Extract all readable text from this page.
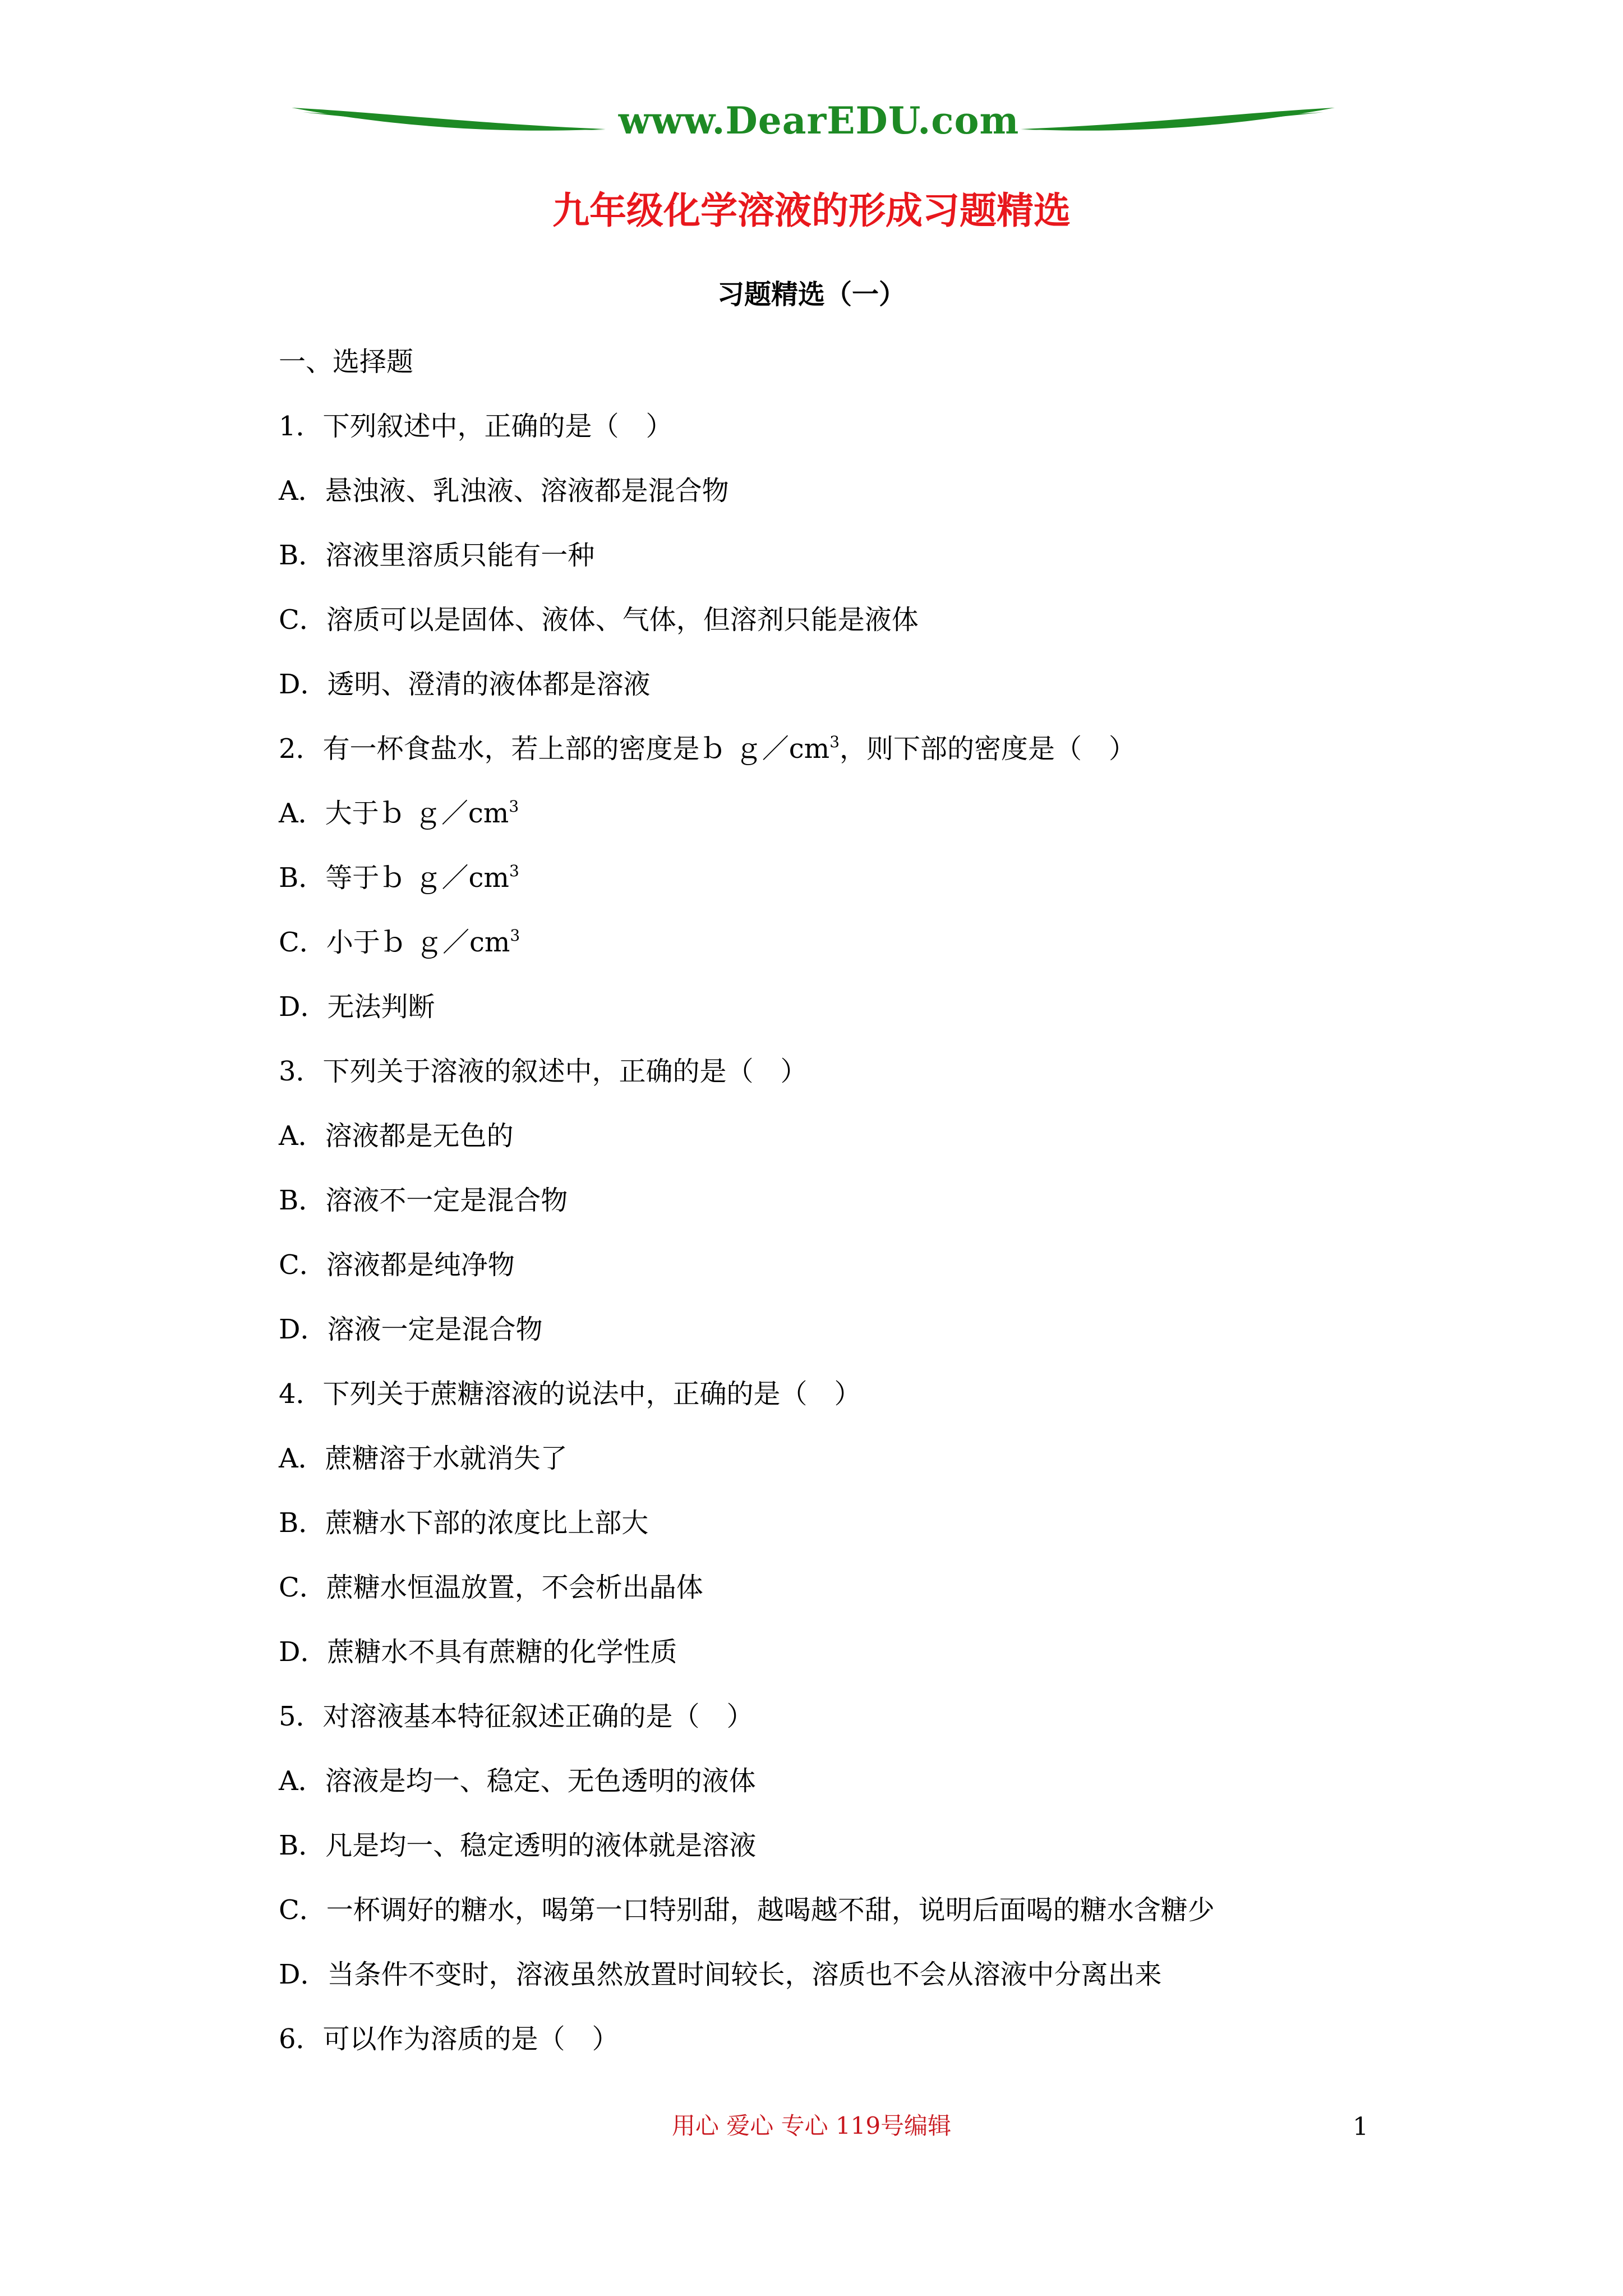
www.DearEDU.com
九年级化学溶液的形成习题精选
习题精选（一）
一、选择题
1．下列叙述中，正确的是（　）
A．悬浊液、乳浊液、溶液都是混合物
B．溶液里溶质只能有一种
C．溶质可以是固体、液体、气体，但溶剂只能是液体
D．透明、澄清的液体都是溶液
2．有一杯食盐水，若上部的密度是ｂ $g/cm^3$，则下部的密度是（　）
A．大于ｂ $g/cm^3$
B．等于ｂ $g/cm^3$
C．小于ｂ $g/cm^3$
D．无法判断
3．下列关于溶液的叙述中，正确的是（　）
A．溶液都是无色的
B．溶液不一定是混合物
C．溶液都是纯净物
D．溶液一定是混合物
4．下列关于蔗糖溶液的说法中，正确的是（　）
A．蔗糖溶于水就消失了
B．蔗糖水下部的浓度比上部大
C．蔗糖水恒温放置，不会析出晶体
D．蔗糖水不具有蔗糖的化学性质
5．对溶液基本特征叙述正确的是（　）
A．溶液是均一、稳定、无色透明的液体
B．凡是均一、稳定透明的液体就是溶液
C．一杯调好的糖水，喝第一口特别甜，越喝越不甜，说明后面喝的糖水含糖少
D．当条件不变时，溶液虽然放置时间较长，溶质也不会从溶液中分离出来
6．可以作为溶质的是（　）
用心 爱心 专心 119号编辑	1
